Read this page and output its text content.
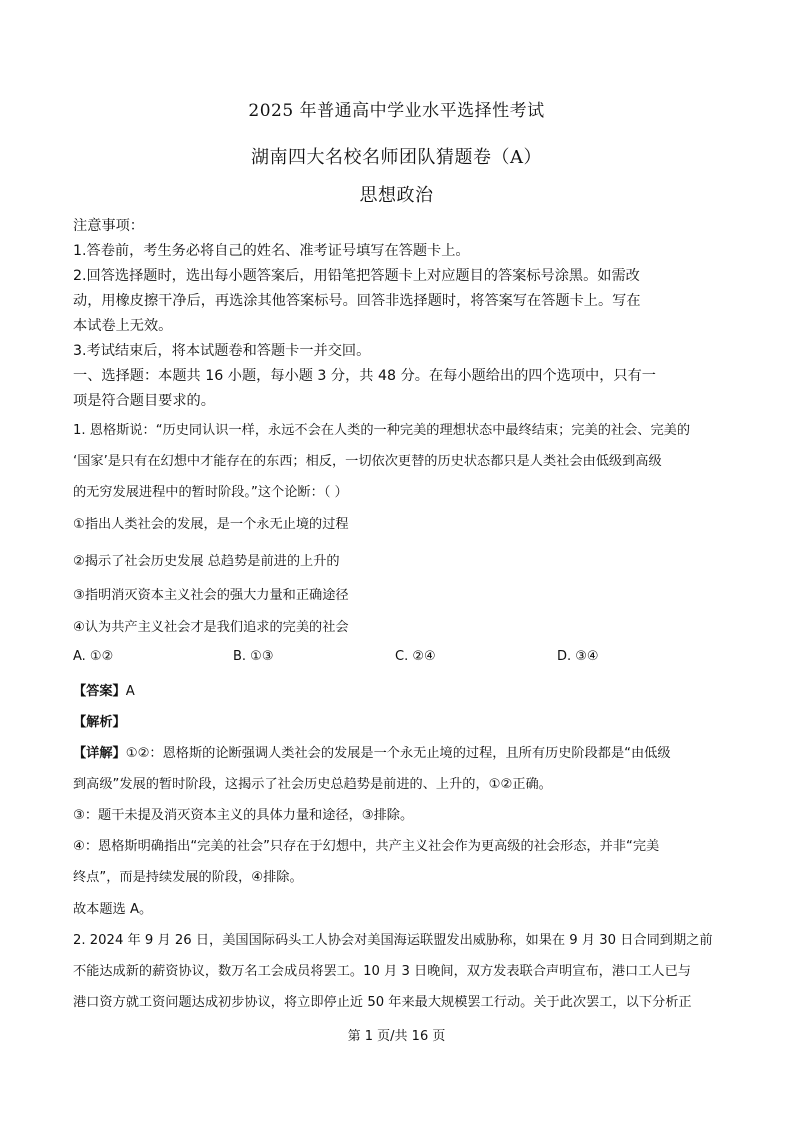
2025 年普通高中学业水平选择性考试
湖南四大名校名师团队猜题卷（A）
思想政治
注意事项：
1.答卷前，考生务必将自己的姓名、准考证号填写在答题卡上。
2.回答选择题时，选出每小题答案后，用铅笔把答题卡上对应题目的答案标号涂黑。如需改
动，用橡皮擦干净后，再选涂其他答案标号。回答非选择题时，将答案写在答题卡上。写在
本试卷上无效。
3.考试结束后，将本试题卷和答题卡一并交回。
一、选择题：本题共 16 小题，每小题 3 分，共 48 分。在每小题给出的四个选项中，只有一
项是符合题目要求的。
1. 恩格斯说：“历史同认识一样，永远不会在人类的一种完美的理想状态中最终结束；完美的社会、完美的
‘国家’是只有在幻想中才能存在的东西；相反，一切依次更替的历史状态都只是人类社会由低级到高级
的无穷发展进程中的暂时阶段。”这个论断：（ ）
①指出人类社会的发展，是一个永无止境的过程
②揭示了社会历史发展 总趋势是前进的上升的
③指明消灭资本主义社会的强大力量和正确途径
④认为共产主义社会才是我们追求的完美的社会
A. ①②	B. ①③	C. ②④	D. ③④
【答案】A
【解析】
【详解】①②：恩格斯的论断强调人类社会的发展是一个永无止境的过程，且所有历史阶段都是“由低级
到高级”发展的暂时阶段，这揭示了社会历史总趋势是前进的、上升的，①②正确。
③：题干未提及消灭资本主义的具体力量和途径，③排除。
④：恩格斯明确指出“完美的社会”只存在于幻想中，共产主义社会作为更高级的社会形态，并非“完美
终点”，而是持续发展的阶段，④排除。
故本题选 A。
2. 2024 年 9 月 26 日，美国国际码头工人协会对美国海运联盟发出威胁称，如果在 9 月 30 日合同到期之前
不能达成新的薪资协议，数万名工会成员将罢工。10 月 3 日晚间，双方发表联合声明宣布，港口工人已与
港口资方就工资问题达成初步协议，将立即停止近 50 年来最大规模罢工行动。关于此次罢工，以下分析正
第 1 页/共 16 页
